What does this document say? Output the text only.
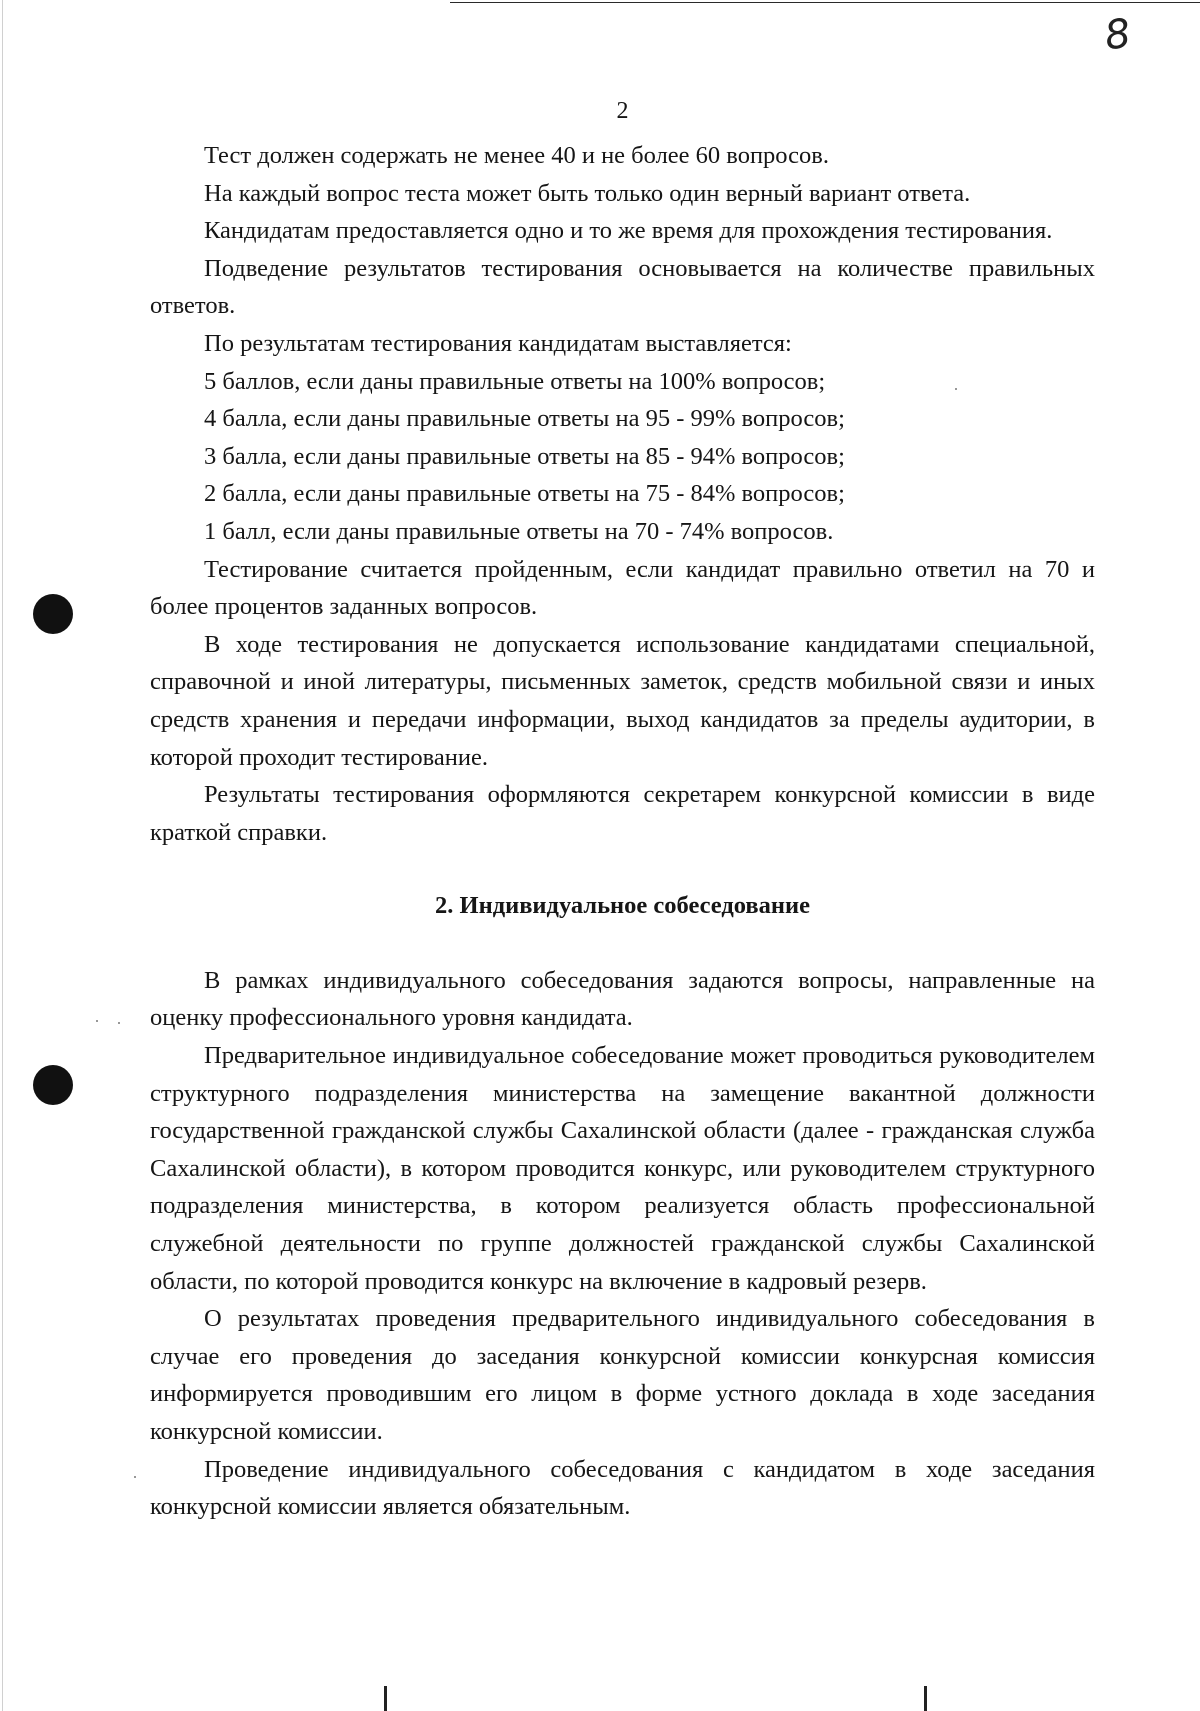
8
2

Тест должен содержать не менее 40 и не более 60 вопросов.

На каждый вопрос теста может быть только один верный вариант ответа.

Кандидатам предоставляется одно и то же время для прохождения тестирования.

Подведение результатов тестирования основывается на количестве правильных ответов.

По результатам тестирования кандидатам выставляется:

5 баллов, если даны правильные ответы на 100% вопросов;

4 балла, если даны правильные ответы на 95 - 99% вопросов;

3 балла, если даны правильные ответы на 85 - 94% вопросов;

2 балла, если даны правильные ответы на 75 - 84% вопросов;

1 балл, если даны правильные ответы на 70 - 74% вопросов.

Тестирование считается пройденным, если кандидат правильно ответил на 70 и более процентов заданных вопросов.

В ходе тестирования не допускается использование кандидатами специальной, справочной и иной литературы, письменных заметок, средств мобильной связи и иных средств хранения и передачи информации, выход кандидатов за пределы аудитории, в которой проходит тестирование.

Результаты тестирования оформляются секретарем конкурсной комиссии в виде краткой справки.

2. Индивидуальное собеседование

В рамках индивидуального собеседования задаются вопросы, направленные на оценку профессионального уровня кандидата.

Предварительное индивидуальное собеседование может проводиться руководителем структурного подразделения министерства на замещение вакантной должности государственной гражданской службы Сахалинской области (далее - гражданская служба Сахалинской области), в котором проводится конкурс, или руководителем структурного подразделения министерства, в котором реализуется область профессиональной служебной деятельности по группе должностей гражданской службы Сахалинской области, по которой проводится конкурс на включение в кадровый резерв.

О результатах проведения предварительного индивидуального собеседования в случае его проведения до заседания конкурсной комиссии конкурсная комиссия информируется проводившим его лицом в форме устного доклада в ходе заседания конкурсной комиссии.

Проведение индивидуального собеседования с кандидатом в ходе заседания конкурсной комиссии является обязательным.
